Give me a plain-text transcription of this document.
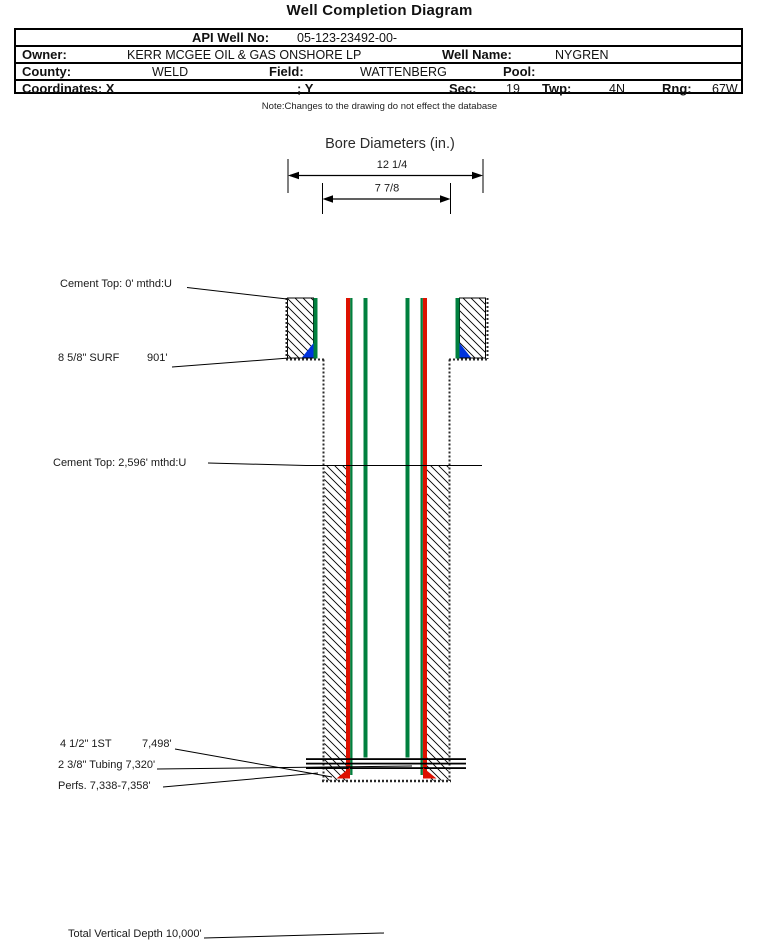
Well Completion Diagram
API Well No: 05-123-23492-00-
Owner:	KERR MCGEE OIL & GAS ONSHORE LP	Well Name:	NYGREN
County:	WELD	Field:	WATTENBERG	Pool:
Coordinates: X	; Y	Sec: 19 Twp:	4N	Rng: 67W
Note:Changes to the drawing do not effect the database
Bore Diameters (in.)
12 1/4
7 7/8
Cement Top: 0' mthd:U
8 5/8" SURF	901'
Cement Top: 2,596' mthd:U
4 1/2" 1ST	7,498'
2 3/8" Tubing 7,320'
Perfs. 7,338-7,358'
Total Vertical Depth 10,000'
